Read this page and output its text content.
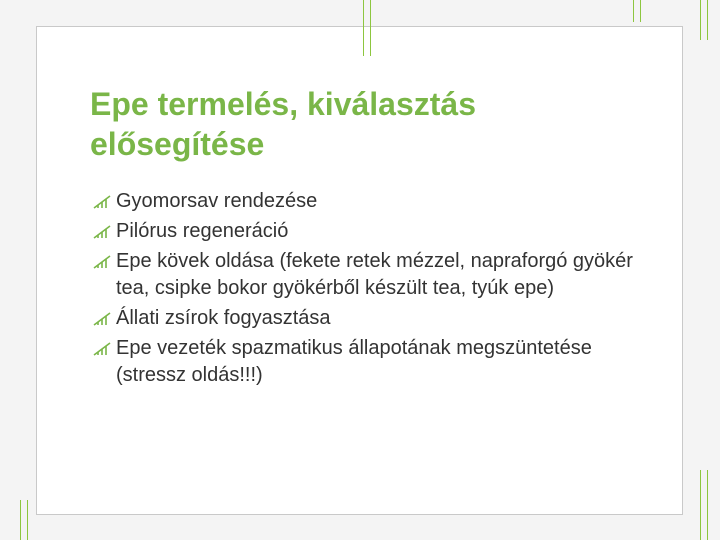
Epe termelés, kiválasztás elősegítése
Gyomorsav rendezése
Pilórus regeneráció
Epe kövek oldása (fekete retek mézzel, napraforgó gyökér tea, csipke bokor gyökérből készült tea, tyúk epe)
Állati zsírok fogyasztása
Epe vezeték spazmatikus állapotának megszüntetése (stressz oldás!!!)
